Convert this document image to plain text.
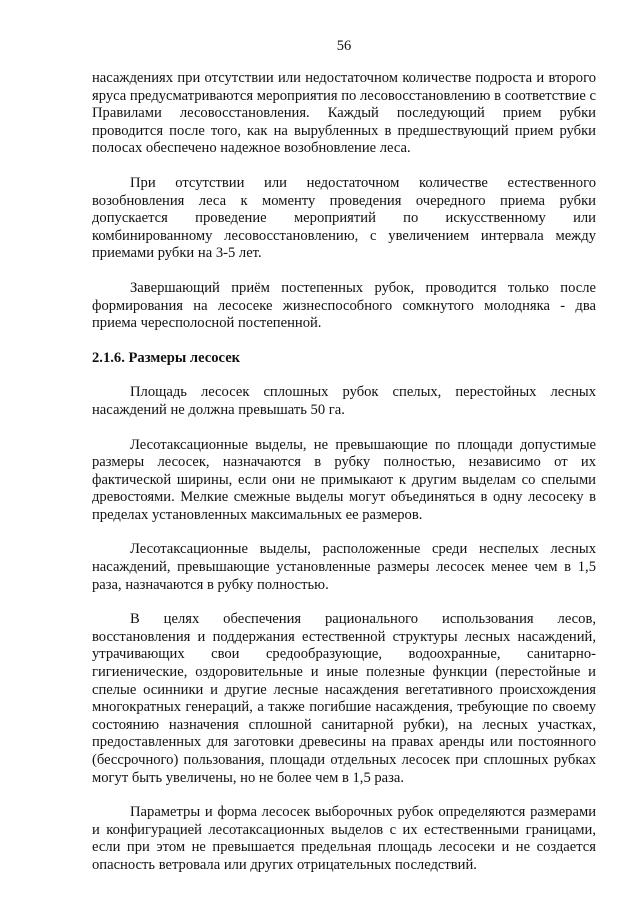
56

насаждениях при отсутствии или недостаточном количестве подроста и второго яруса предусматриваются мероприятия по лесовосстановлению в соответствие с Правилами лесовосстановления. Каждый последующий прием рубки проводится после того, как на вырубленных в предшествующий прием рубки полосах обеспечено надежное возобновление леса.

При отсутствии или недостаточном количестве естественного возобновления леса к моменту проведения очередного приема рубки допускается проведение мероприятий по искусственному или комбинированному лесовосстановлению, с увеличением интервала между приемами рубки на 3-5 лет.

Завершающий приём постепенных рубок, проводится только после формирования на лесосеке жизнеспособного сомкнутого молодняка - два приема чересполосной постепенной.

2.1.6. Размеры лесосек

Площадь лесосек сплошных рубок спелых, перестойных лесных насаждений не должна превышать 50 га.

Лесотаксационные выделы, не превышающие по площади допустимые размеры лесосек, назначаются в рубку полностью, независимо от их фактической ширины, если они не примыкают к другим выделам со спелыми древостоями. Мелкие смежные выделы могут объединяться в одну лесосеку в пределах установленных максимальных ее размеров.

Лесотаксационные выделы, расположенные среди неспелых лесных насаждений, превышающие установленные размеры лесосек менее чем в 1,5 раза, назначаются в рубку полностью.

В целях обеспечения рационального использования лесов, восстановления и поддержания естественной структуры лесных насаждений, утрачивающих свои средообразующие, водоохранные, санитарно-гигиенические, оздоровительные и иные полезные функции (перестойные и спелые осинники и другие лесные насаждения вегетативного происхождения многократных генераций, а также погибшие насаждения, требующие по своему состоянию назначения сплошной санитарной рубки), на лесных участках, предоставленных для заготовки древесины на правах аренды или постоянного (бессрочного) пользования, площади отдельных лесосек при сплошных рубках могут быть увеличены, но не более чем в 1,5 раза.

Параметры и форма лесосек выборочных рубок определяются размерами и конфигурацией лесотаксационных выделов с их естественными границами, если при этом не превышается предельная площадь лесосеки и не создается опасность ветровала или других отрицательных последствий.
